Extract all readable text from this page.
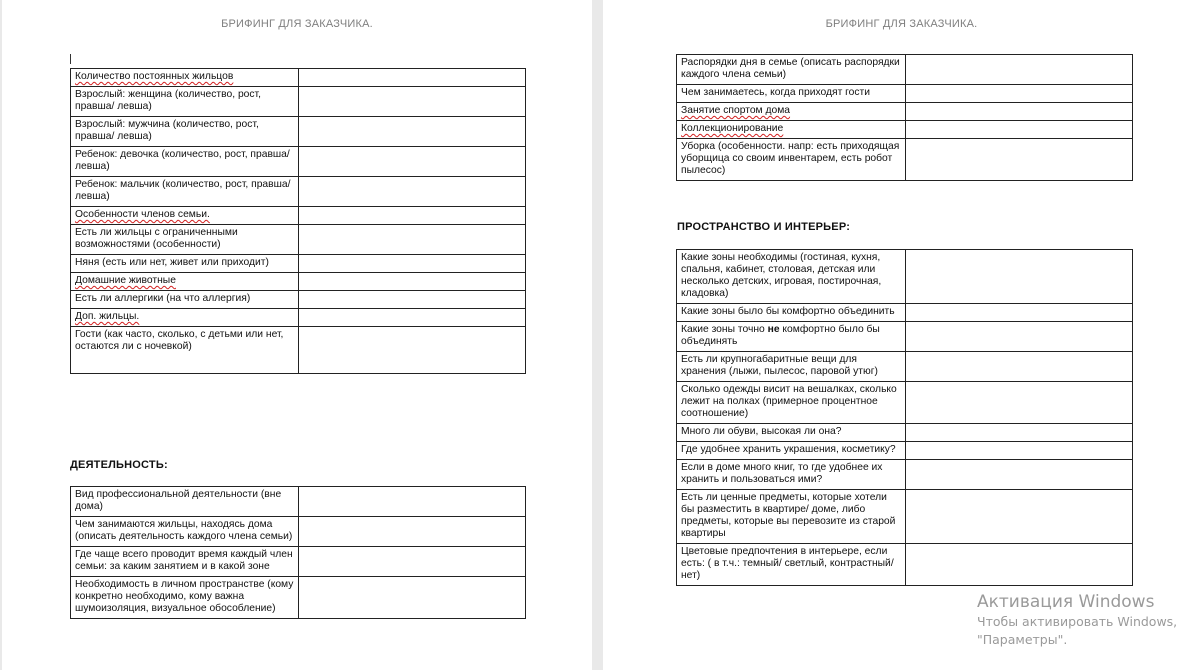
БРИФИНГ ДЛЯ ЗАКАЗЧИКА.
Количество постоянных жильцов	
Взрослый: женщина (количество, рост, правша/ левша)	
Взрослый: мужчина (количество, рост, правша/ левша)	
Ребенок: девочка (количество, рост, правша/ левша)	
Ребенок: мальчик (количество, рост, правша/ левша)	
Особенности членов семьи.	
Есть ли жильцы с ограниченными возможностями (особенности)	
Няня (есть или нет, живет или приходит)	
Домашние животные	
Есть ли аллергики (на что аллергия)	
Доп. жильцы.	
Гости (как часто, сколько, с детьми или нет, остаются ли с ночевкой)	
ДЕЯТЕЛЬНОСТЬ:
Вид профессиональной деятельности (вне дома)	
Чем занимаются жильцы, находясь дома (описать деятельность каждого члена семьи)	
Где чаще всего проводит время каждый член семьи: за каким занятием и в какой зоне	
Необходимость в личном пространстве (кому конкретно необходимо, кому важна шумоизоляция, визуальное обособление)	
БРИФИНГ ДЛЯ ЗАКАЗЧИКА.
Распорядки дня в семье (описать распорядки каждого члена семьи)	
Чем занимаетесь, когда приходят гости	
Занятие спортом дома	
Коллекционирование	
Уборка (особенности. напр: есть приходящая уборщица со своим инвентарем, есть робот пылесос)	
ПРОСТРАНСТВО И ИНТЕРЬЕР:
Какие зоны необходимы (гостиная, кухня, спальня, кабинет, столовая, детская или несколько детских, игровая, постирочная, кладовка)	
Какие зоны было бы комфортно объединить	
Какие зоны точно не комфортно было бы объединять	
Есть ли крупногабаритные вещи для хранения (лыжи, пылесос, паровой утюг)	
Сколько одежды висит на вешалках, сколько лежит на полках (примерное процентное соотношение)	
Много ли обуви, высокая ли она?	
Где удобнее хранить украшения, косметику?	
Если в доме много книг, то где удобнее их хранить и пользоваться ими?	
Есть ли ценные предметы, которые хотели бы разместить в квартире/ доме, либо предметы, которые вы перевозите из старой квартиры	
Цветовые предпочтения в интерьере, если есть: ( в т.ч.: темный/ светлый, контрастный/ нет)	
Активация Windows
Чтобы активировать Windows,
"Параметры".
